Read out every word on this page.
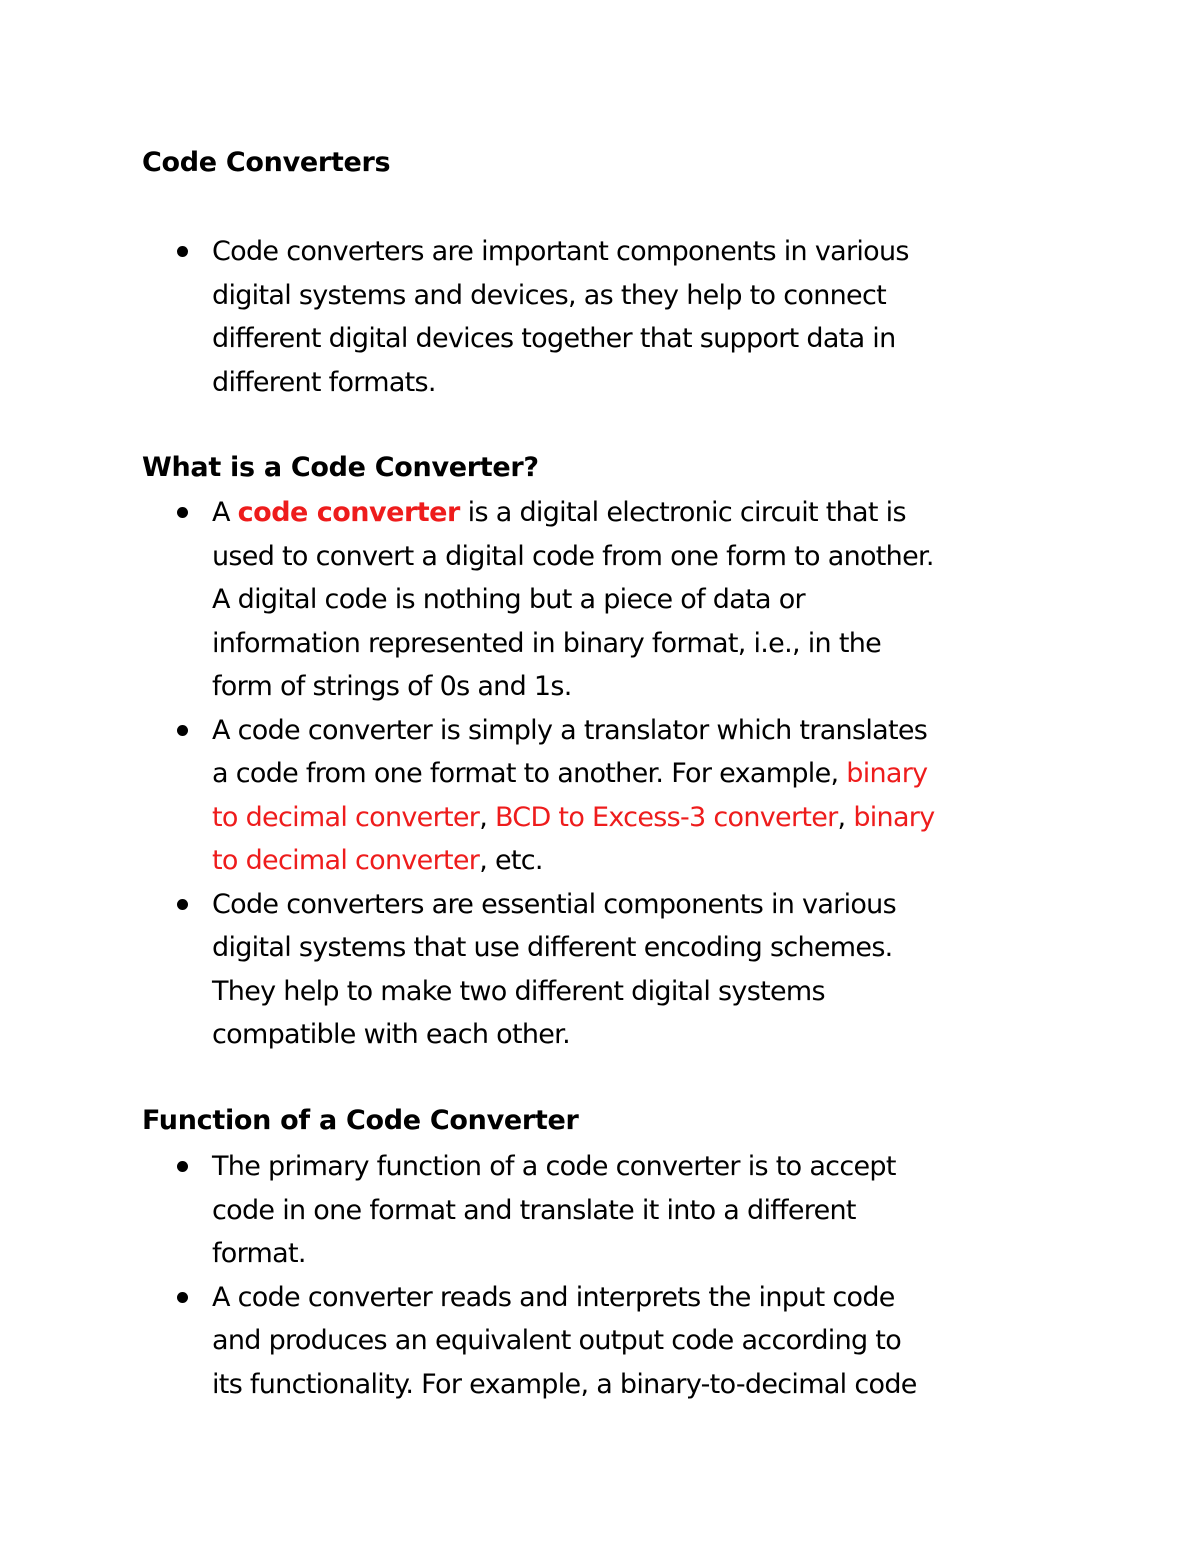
Code Converters
Code converters are important components in various
digital systems and devices, as they help to connect
different digital devices together that support data in
different formats.
What is a Code Converter?
A code converter is a digital electronic circuit that is
used to convert a digital code from one form to another.
A digital code is nothing but a piece of data or
information represented in binary format, i.e., in the
form of strings of 0s and 1s.
A code converter is simply a translator which translates
a code from one format to another. For example, binary
to decimal converter, BCD to Excess-3 converter, binary
to decimal converter, etc.
Code converters are essential components in various
digital systems that use different encoding schemes.
They help to make two different digital systems
compatible with each other.
Function of a Code Converter
The primary function of a code converter is to accept
code in one format and translate it into a different
format.
A code converter reads and interprets the input code
and produces an equivalent output code according to
its functionality. For example, a binary-to-decimal code
